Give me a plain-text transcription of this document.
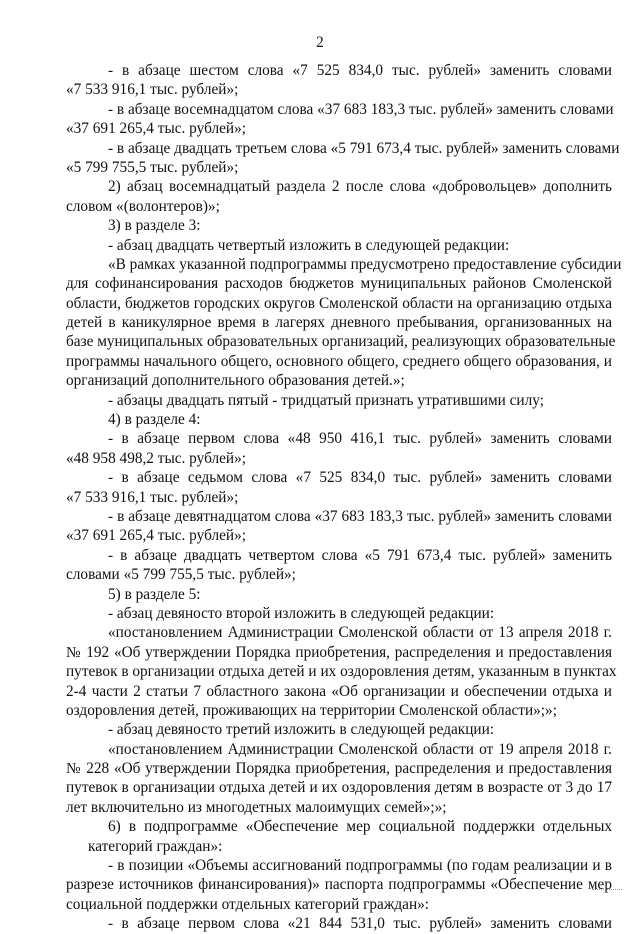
2
- в абзаце шестом слова «7 525 834,0 тыс. рублей» заменить словами
«7 533 916,1 тыс. рублей»;
- в абзаце восемнадцатом слова «37 683 183,3 тыс. рублей» заменить словами
«37 691 265,4 тыс. рублей»;
- в абзаце двадцать третьем слова «5 791 673,4 тыс. рублей» заменить словами
«5 799 755,5 тыс. рублей»;
2) абзац восемнадцатый раздела 2 после слова «добровольцев» дополнить
словом «(волонтеров)»;
3) в разделе 3:
- абзац двадцать четвертый изложить в следующей редакции:
«В рамках указанной подпрограммы предусмотрено предоставление субсидии
для софинансирования расходов бюджетов муниципальных районов Смоленской
области, бюджетов городских округов Смоленской области на организацию отдыха
детей в каникулярное время в лагерях дневного пребывания, организованных на
базе муниципальных образовательных организаций, реализующих образовательные
программы начального общего, основного общего, среднего общего образования, и
организаций дополнительного образования детей.»;
- абзацы двадцать пятый - тридцатый признать утратившими силу;
4) в разделе 4:
- в абзаце первом слова «48 950 416,1 тыс. рублей» заменить словами
«48 958 498,2 тыс. рублей»;
- в абзаце седьмом слова «7 525 834,0 тыс. рублей» заменить словами
«7 533 916,1 тыс. рублей»;
- в абзаце девятнадцатом слова «37 683 183,3 тыс. рублей» заменить словами
«37 691 265,4 тыс. рублей»;
- в абзаце двадцать четвертом слова «5 791 673,4 тыс. рублей» заменить
словами «5 799 755,5 тыс. рублей»;
5) в разделе 5:
- абзац девяносто второй изложить в следующей редакции:
«постановлением Администрации Смоленской области от 13 апреля 2018 г.
№ 192 «Об утверждении Порядка приобретения, распределения и предоставления
путевок в организации отдыха детей и их оздоровления детям, указанным в пунктах
2-4 части 2 статьи 7 областного закона «Об организации и обеспечении отдыха и
оздоровления детей, проживающих на территории Смоленской области»;»;
- абзац девяносто третий изложить в следующей редакции:
«постановлением Администрации Смоленской области от 19 апреля 2018 г.
№ 228 «Об утверждении Порядка приобретения, распределения и предоставления
путевок в организации отдыха детей и их оздоровления детям в возрасте от 3 до 17
лет включительно из многодетных малоимущих семей»;»;
6) в подпрограмме «Обеспечение мер социальной поддержки отдельных
категорий граждан»:
- в позиции «Объемы ассигнований подпрограммы (по годам реализации и в
разрезе источников финансирования)» паспорта подпрограммы «Обеспечение мер
социальной поддержки отдельных категорий граждан»:
- в абзаце первом слова «21 844 531,0 тыс. рублей» заменить словами
